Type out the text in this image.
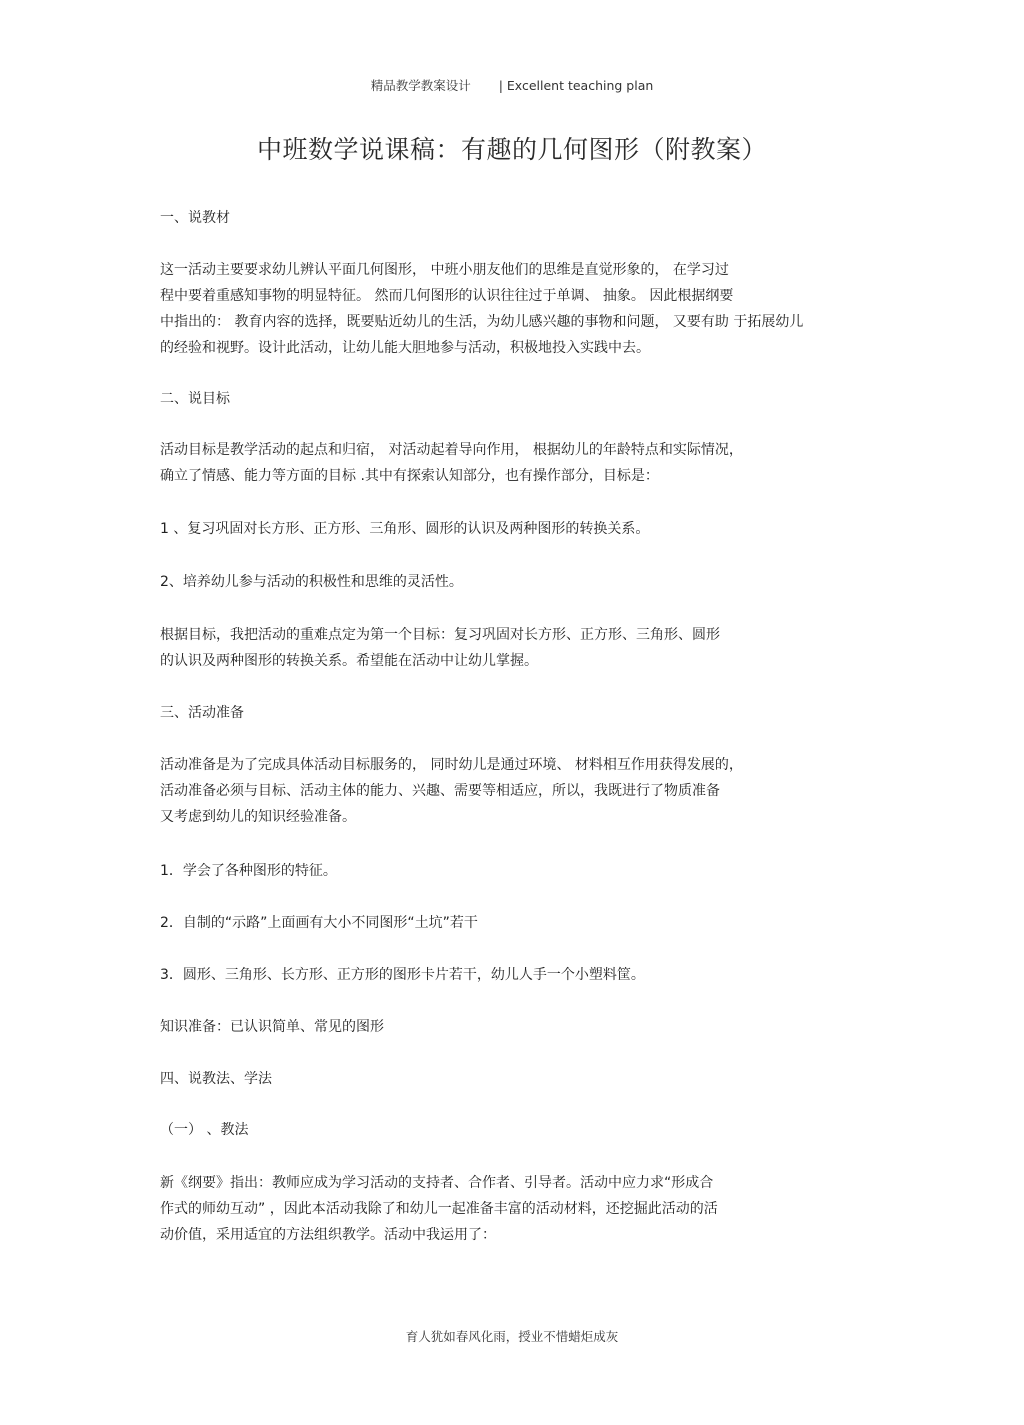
精品教学教案设计 | Excellent teaching plan
中班数学说课稿：有趣的几何图形（附教案）
一、说教材
这一活动主要要求幼儿辨认平面几何图形， 中班小朋友他们的思维是直觉形象的， 在学习过
程中要着重感知事物的明显特征。 然而几何图形的认识往往过于单调、 抽象。 因此根据纲要
中指出的： 教育内容的选择，既要贴近幼儿的生活，为幼儿感兴趣的事物和问题， 又要有助 于拓展幼儿
的经验和视野。设计此活动，让幼儿能大胆地参与活动，积极地投入实践中去。
二、说目标
活动目标是教学活动的起点和归宿， 对活动起着导向作用， 根据幼儿的年龄特点和实际情况，
确立了情感、能力等方面的目标 .其中有探索认知部分，也有操作部分，目标是：
1 、复习巩固对长方形、正方形、三角形、圆形的认识及两种图形的转换关系。
2、培养幼儿参与活动的积极性和思维的灵活性。
根据目标，我把活动的重难点定为第一个目标：复习巩固对长方形、正方形、三角形、圆形
的认识及两种图形的转换关系。希望能在活动中让幼儿掌握。
三、活动准备
活动准备是为了完成具体活动目标服务的， 同时幼儿是通过环境、 材料相互作用获得发展的，
活动准备必须与目标、活动主体的能力、兴趣、需要等相适应，所以，我既进行了物质准备
又考虑到幼儿的知识经验准备。
1．学会了各种图形的特征。
2．自制的“示路”上面画有大小不同图形“土坑”若干
3．圆形、三角形、长方形、正方形的图形卡片若干，幼儿人手一个小塑料筐。
知识准备：已认识简单、常见的图形
四、说教法、学法
（一） 、教法
新《纲要》指出：教师应成为学习活动的支持者、合作者、引导者。活动中应力求“形成合
作式的师幼互动” ，因此本活动我除了和幼儿一起准备丰富的活动材料，还挖掘此活动的活
动价值，采用适宜的方法组织教学。活动中我运用了：
育人犹如春风化雨，授业不惜蜡炬成灰
